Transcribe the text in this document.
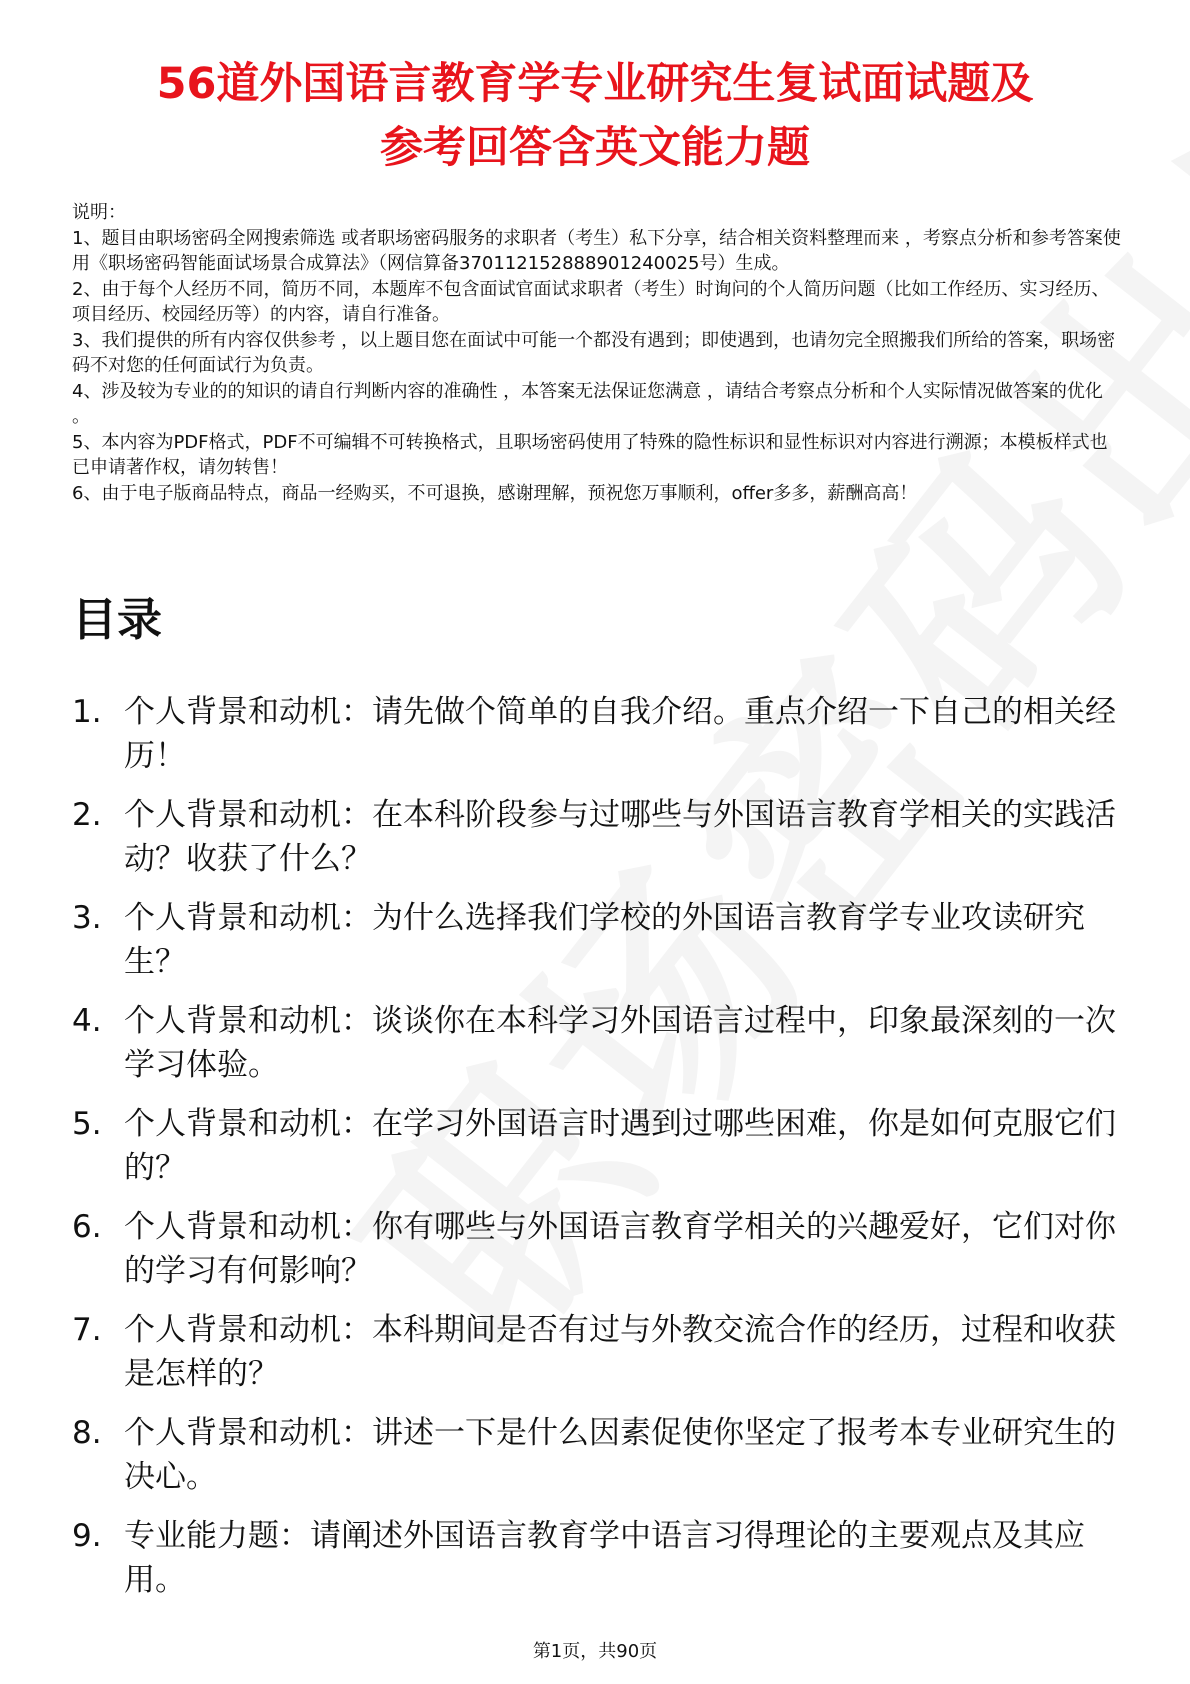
56道外国语言教育学专业研究生复试面试题及
参考回答含英文能力题

说明：

1、题目由职场密码全网搜索筛选 或者职场密码服务的求职者（考生）私下分享，结合相关资料整理而来 ，考察点分析和参考答案使用《职场密码智能面试场景合成算法》（网信算备370112152888901240025号）生成。

2、由于每个人经历不同，简历不同，本题库不包含面试官面试求职者（考生）时询问的个人简历问题（比如工作经历、实习经历、项目经历、校园经历等）的内容，请自行准备。

3、我们提供的所有内容仅供参考 ，以上题目您在面试中可能一个都没有遇到；即使遇到，也请勿完全照搬我们所给的答案，职场密码不对您的任何面试行为负责。

4、涉及较为专业的的知识的请自行判断内容的准确性 ，本答案无法保证您满意 ，请结合考察点分析和个人实际情况做答案的优化 。

5、本内容为PDF格式，PDF不可编辑不可转换格式，且职场密码使用了特殊的隐性标识和显性标识对内容进行溯源；本模板样式也已申请著作权，请勿转售！

6、由于电子版商品特点，商品一经购买，不可退换，感谢理解，预祝您万事顺利，offer多多，薪酬高高！

目录
1. 个人背景和动机：请先做个简单的自我介绍。重点介绍一下自己的相关经历！
2. 个人背景和动机：在本科阶段参与过哪些与外国语言教育学相关的实践活动？收获了什么？
3. 个人背景和动机：为什么选择我们学校的外国语言教育学专业攻读研究生？
4. 个人背景和动机：谈谈你在本科学习外国语言过程中，印象最深刻的一次学习体验。
5. 个人背景和动机：在学习外国语言时遇到过哪些困难，你是如何克服它们的？
6. 个人背景和动机：你有哪些与外国语言教育学相关的兴趣爱好，它们对你的学习有何影响？
7. 个人背景和动机：本科期间是否有过与外教交流合作的经历，过程和收获是怎样的？
8. 个人背景和动机：讲述一下是什么因素促使你坚定了报考本专业研究生的决心。
9. 专业能力题：请阐述外国语言教育学中语言习得理论的主要观点及其应用。
第1页，共90页
